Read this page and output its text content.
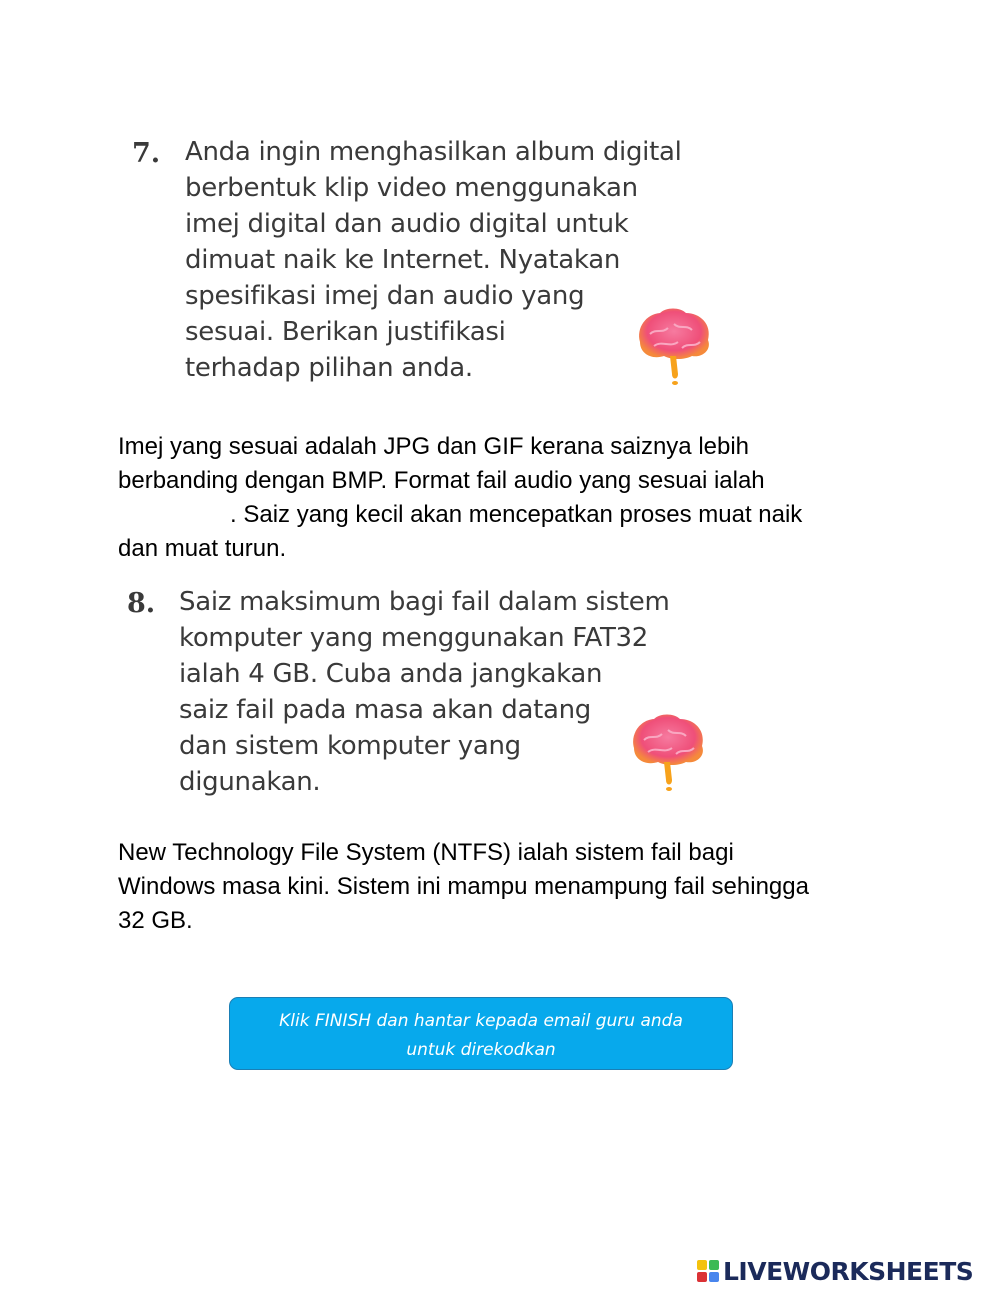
7. Anda ingin menghasilkan album digital
berbentuk klip video menggunakan
imej digital dan audio digital untuk
dimuat naik ke Internet. Nyatakan
spesifikasi imej dan audio yang
sesuai. Berikan justifikasi
terhadap pilihan anda.
Imej yang sesuai adalah JPG dan GIF kerana saiznya lebih
berbanding dengan BMP. Format fail audio yang sesuai ialah
. Saiz yang kecil akan mencepatkan proses muat naik
dan muat turun.
8. Saiz maksimum bagi fail dalam sistem
komputer yang menggunakan FAT32
ialah 4 GB. Cuba anda jangkakan
saiz fail pada masa akan datang
dan sistem komputer yang
digunakan.
New Technology File System (NTFS) ialah sistem fail bagi
Windows masa kini. Sistem ini mampu menampung fail sehingga
32 GB.
Klik FINISH dan hantar kepada email guru anda
untuk direkodkan
LIVEWORKSHEETS
